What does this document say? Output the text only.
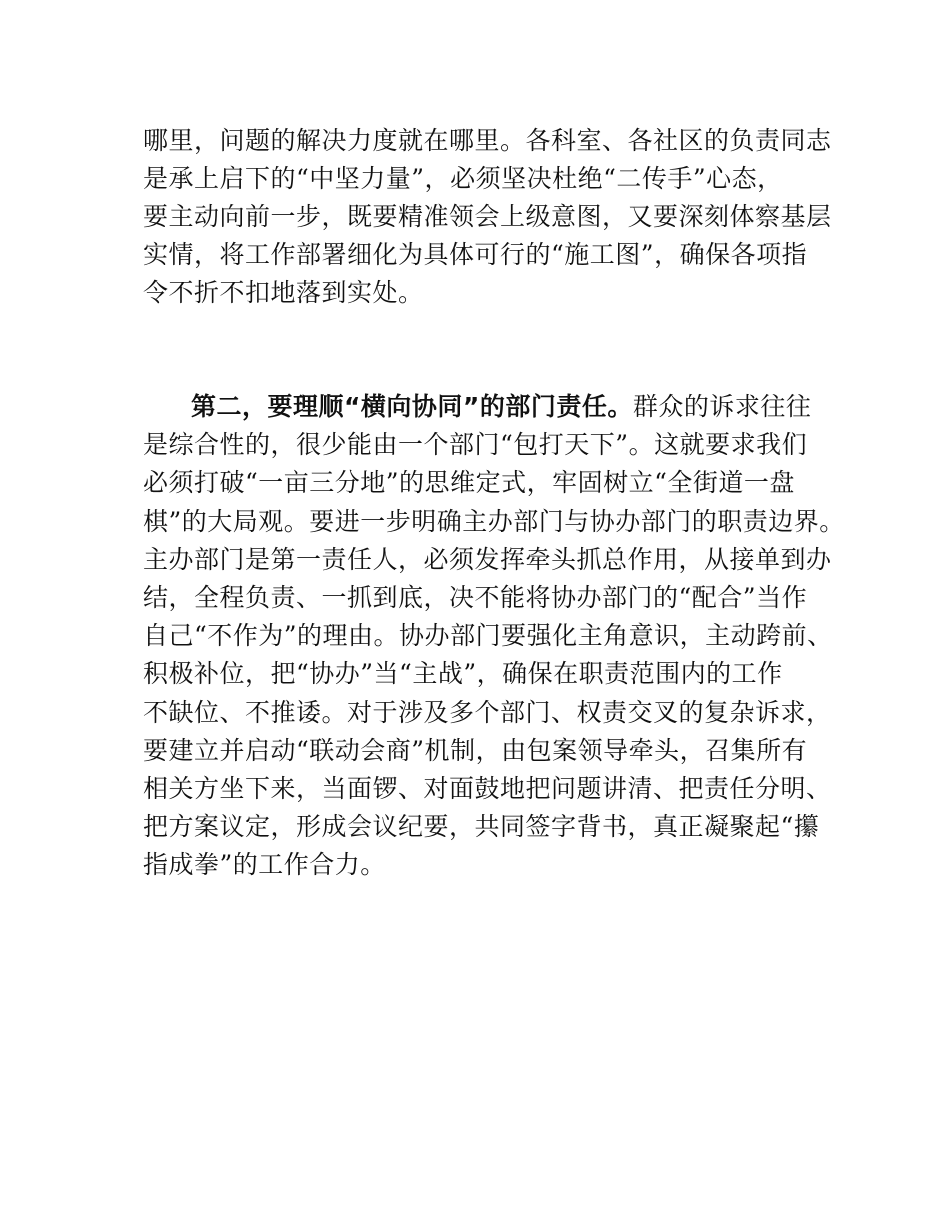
哪里，问题的解决力度就在哪里。各科室、各社区的负责同志
是承上启下的“中坚力量”，必须坚决杜绝“二传手”心态，
要主动向前一步，既要精准领会上级意图，又要深刻体察基层
实情，将工作部署细化为具体可行的“施工图”，确保各项指
令不折不扣地落到实处。
第二，要理顺“横向协同”的部门责任。群众的诉求往往
是综合性的，很少能由一个部门“包打天下”。这就要求我们
必须打破“一亩三分地”的思维定式，牢固树立“全街道一盘
棋”的大局观。要进一步明确主办部门与协办部门的职责边界。
主办部门是第一责任人，必须发挥牵头抓总作用，从接单到办
结，全程负责、一抓到底，决不能将协办部门的“配合”当作
自己“不作为”的理由。协办部门要强化主角意识，主动跨前、
积极补位，把“协办”当“主战”，确保在职责范围内的工作
不缺位、不推诿。对于涉及多个部门、权责交叉的复杂诉求，
要建立并启动“联动会商”机制，由包案领导牵头，召集所有
相关方坐下来，当面锣、对面鼓地把问题讲清、把责任分明、
把方案议定，形成会议纪要，共同签字背书，真正凝聚起“攥
指成拳”的工作合力。
